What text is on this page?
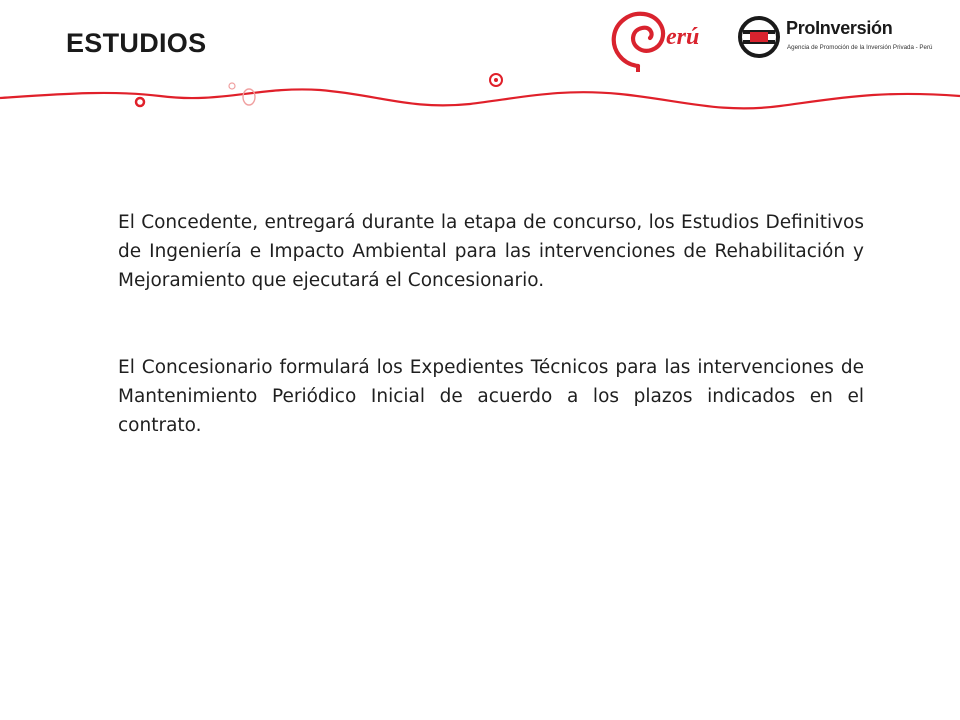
ESTUDIOS	erú	ProInversión
Agencia de Promoción de la Inversión Privada - Perú

El Concedente, entregará durante la etapa de concurso, los Estudios Definitivos de Ingeniería e Impacto Ambiental para las intervenciones de Rehabilitación y Mejoramiento que ejecutará el Concesionario.

El Concesionario formulará los Expedientes Técnicos para las intervenciones de Mantenimiento Periódico Inicial de acuerdo a los plazos indicados en el contrato.
